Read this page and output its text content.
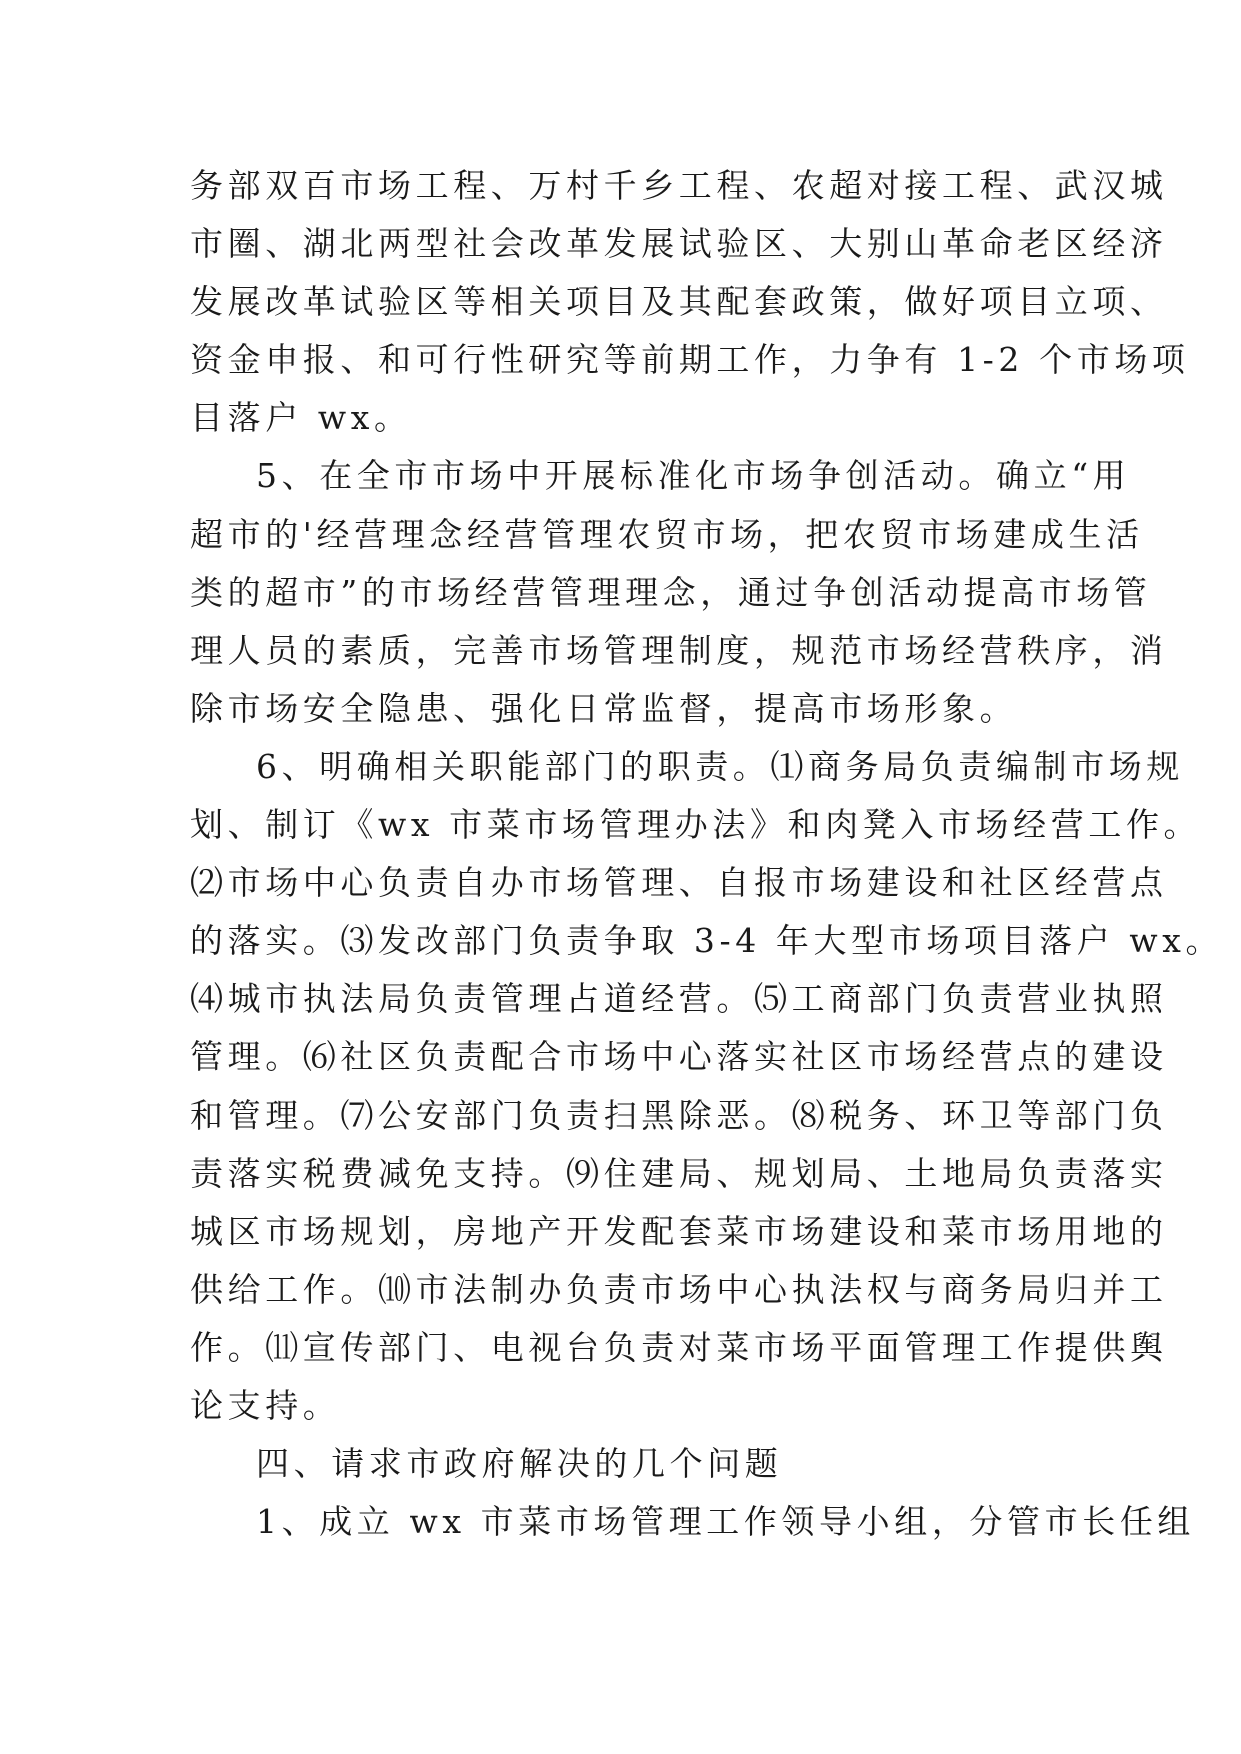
务部双百市场工程、万村千乡工程、农超对接工程、武汉城
市圈、湖北两型社会改革发展试验区、大别山革命老区经济
发展改革试验区等相关项目及其配套政策，做好项目立项、
资金申报、和可行性研究等前期工作，力争有 1-2 个市场项
目落户 wx。
5、在全市市场中开展标准化市场争创活动。确立“用
超市的'经营理念经营管理农贸市场，把农贸市场建成生活
类的超市”的市场经营管理理念，通过争创活动提高市场管
理人员的素质，完善市场管理制度，规范市场经营秩序，消
除市场安全隐患、强化日常监督，提高市场形象。
6、明确相关职能部门的职责。⑴商务局负责编制市场规
划、制订《wx 市菜市场管理办法》和肉凳入市场经营工作。
⑵市场中心负责自办市场管理、自报市场建设和社区经营点
的落实。⑶发改部门负责争取 3-4 年大型市场项目落户 wx。
⑷城市执法局负责管理占道经营。⑸工商部门负责营业执照
管理。⑹社区负责配合市场中心落实社区市场经营点的建设
和管理。⑺公安部门负责扫黑除恶。⑻税务、环卫等部门负
责落实税费减免支持。⑼住建局、规划局、土地局负责落实
城区市场规划，房地产开发配套菜市场建设和菜市场用地的
供给工作。⑽市法制办负责市场中心执法权与商务局归并工
作。⑾宣传部门、电视台负责对菜市场平面管理工作提供舆
论支持。
四、请求市政府解决的几个问题
1、成立 wx 市菜市场管理工作领导小组，分管市长任组
